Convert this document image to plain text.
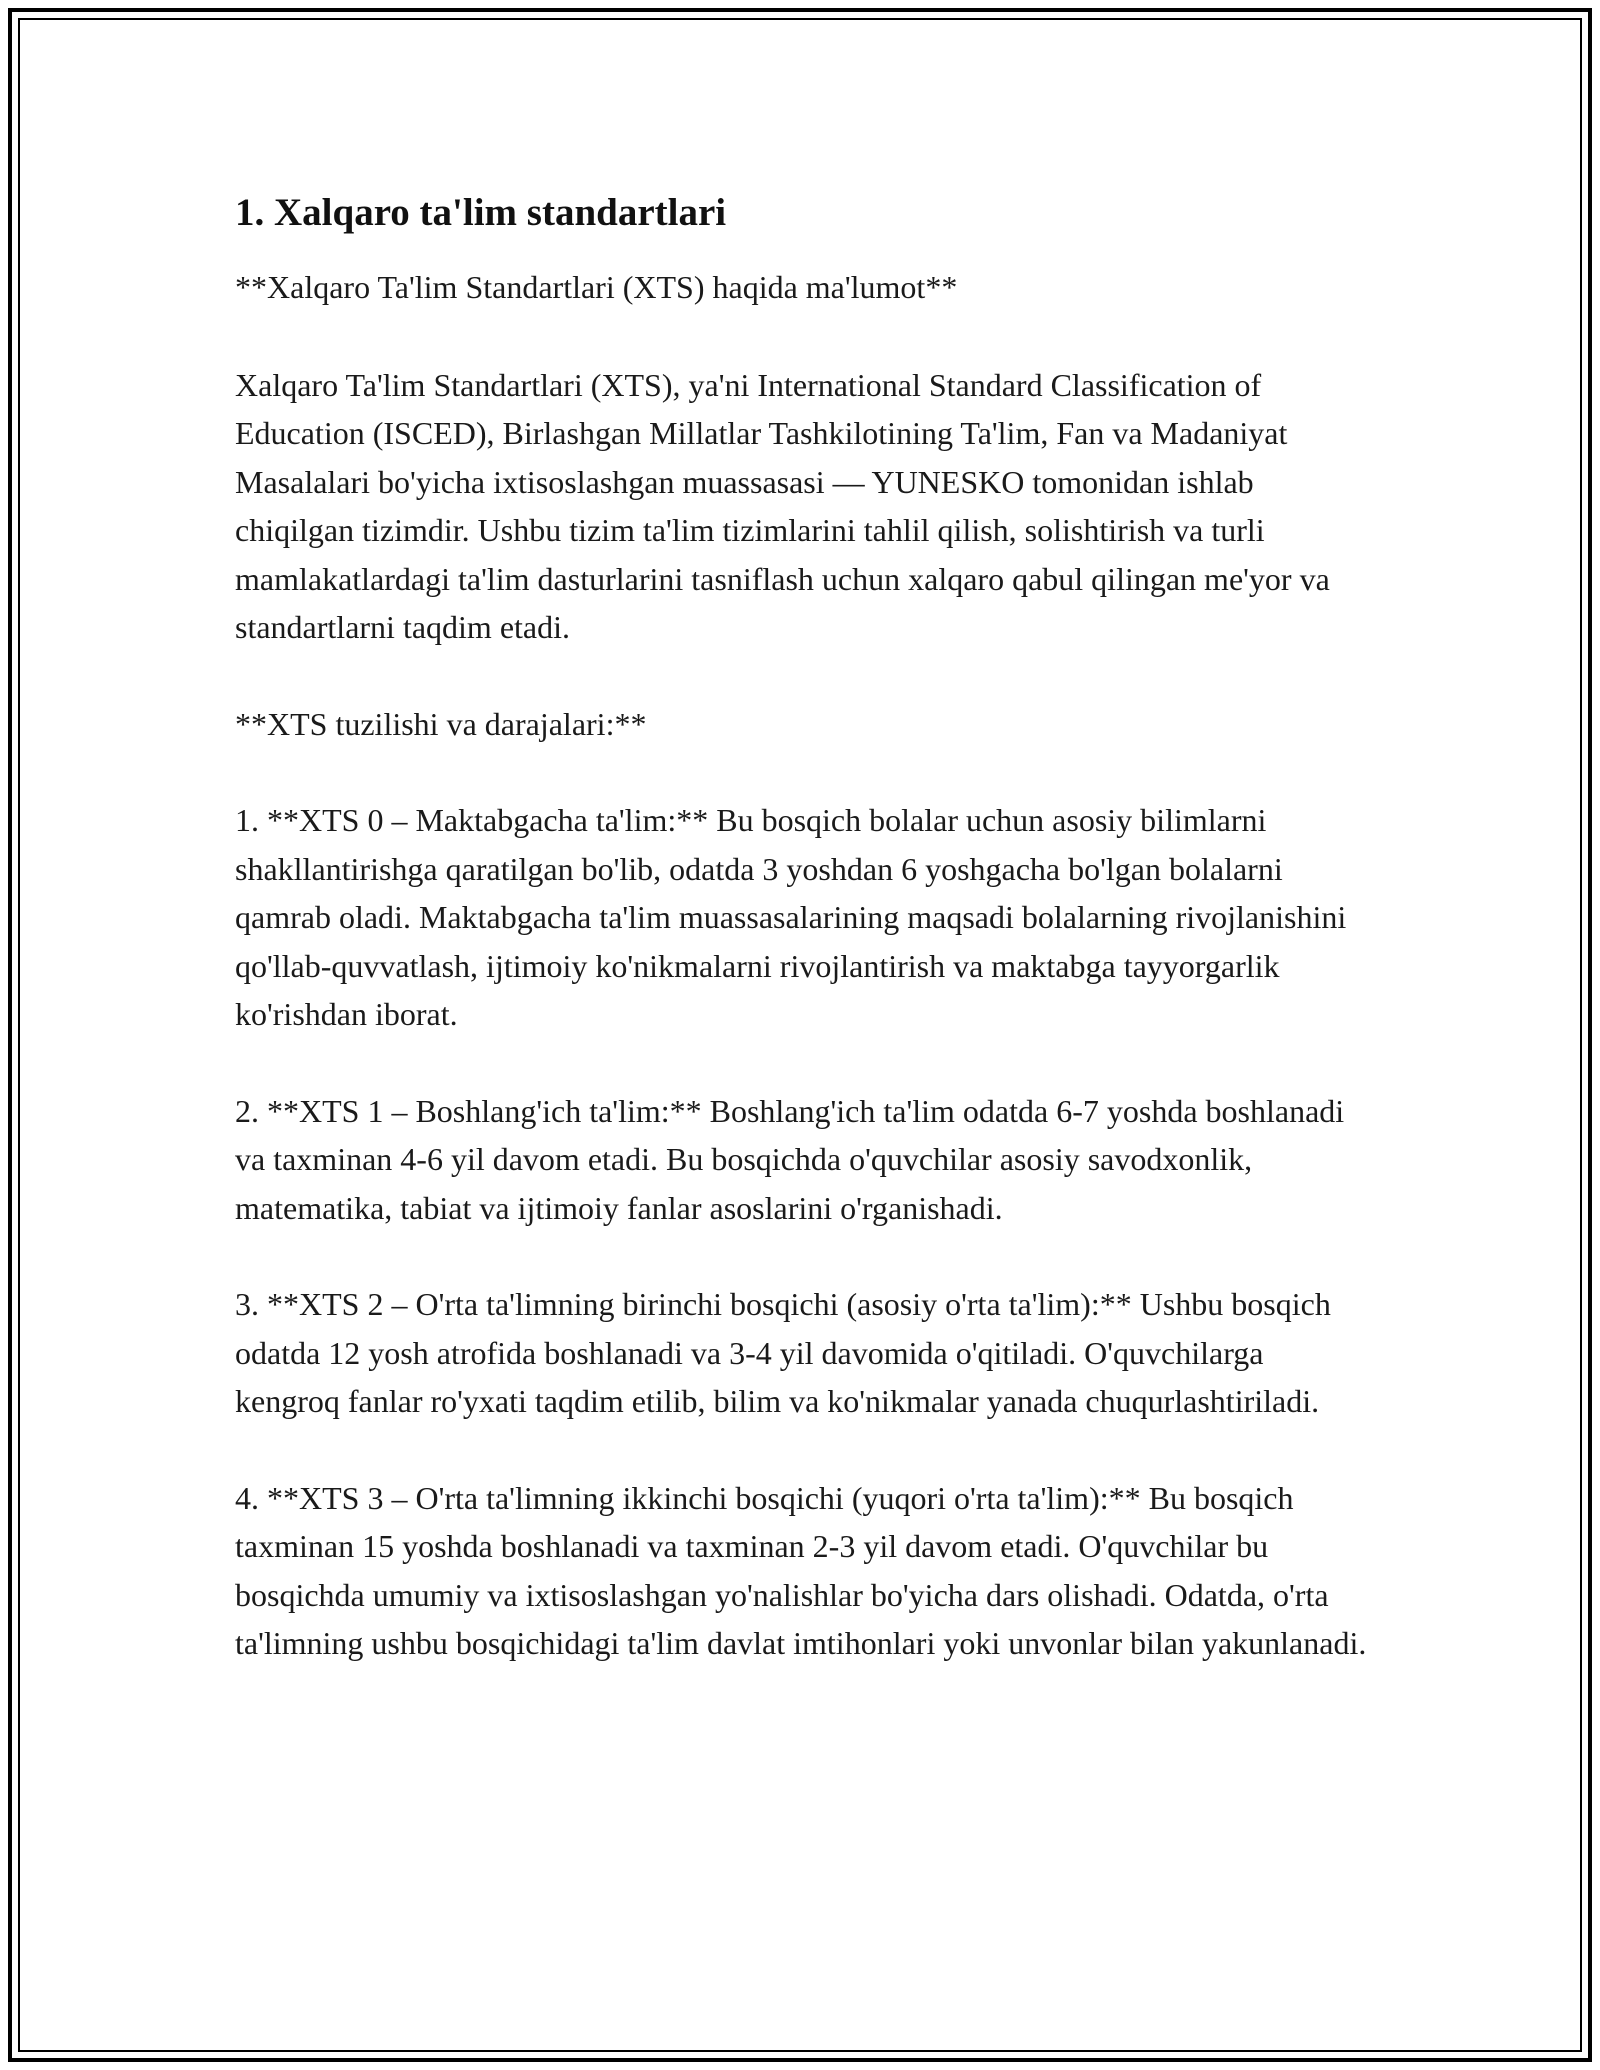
1. Xalqaro ta'lim standartlari

**Xalqaro Ta'lim Standartlari (XTS) haqida ma'lumot**

Xalqaro Ta'lim Standartlari (XTS), ya'ni International Standard Classification of Education (ISCED), Birlashgan Millatlar Tashkilotining Ta'lim, Fan va Madaniyat Masalalari bo'yicha ixtisoslashgan muassasasi — YUNESKO tomonidan ishlab chiqilgan tizimdir. Ushbu tizim ta'lim tizimlarini tahlil qilish, solishtirish va turli mamlakatlardagi ta'lim dasturlarini tasniflash uchun xalqaro qabul qilingan me'yor va standartlarni taqdim etadi.

**XTS tuzilishi va darajalari:**

1. **XTS 0 – Maktabgacha ta'lim:** Bu bosqich bolalar uchun asosiy bilimlarni shakllantirishga qaratilgan bo'lib, odatda 3 yoshdan 6 yoshgacha bo'lgan bolalarni qamrab oladi. Maktabgacha ta'lim muassasalarining maqsadi bolalarning rivojlanishini qo'llab-quvvatlash, ijtimoiy ko'nikmalarni rivojlantirish va maktabga tayyorgarlik ko'rishdan iborat.

2. **XTS 1 – Boshlang'ich ta'lim:** Boshlang'ich ta'lim odatda 6-7 yoshda boshlanadi va taxminan 4-6 yil davom etadi. Bu bosqichda o'quvchilar asosiy savodxonlik, matematika, tabiat va ijtimoiy fanlar asoslarini o'rganishadi.

3. **XTS 2 – O'rta ta'limning birinchi bosqichi (asosiy o'rta ta'lim):** Ushbu bosqich odatda 12 yosh atrofida boshlanadi va 3-4 yil davomida o'qitiladi. O'quvchilarga kengroq fanlar ro'yxati taqdim etilib, bilim va ko'nikmalar yanada chuqurlashtiriladi.

4. **XTS 3 – O'rta ta'limning ikkinchi bosqichi (yuqori o'rta ta'lim):** Bu bosqich taxminan 15 yoshda boshlanadi va taxminan 2-3 yil davom etadi. O'quvchilar bu bosqichda umumiy va ixtisoslashgan yo'nalishlar bo'yicha dars olishadi. Odatda, o'rta ta'limning ushbu bosqichidagi ta'lim davlat imtihonlari yoki unvonlar bilan yakunlanadi.
